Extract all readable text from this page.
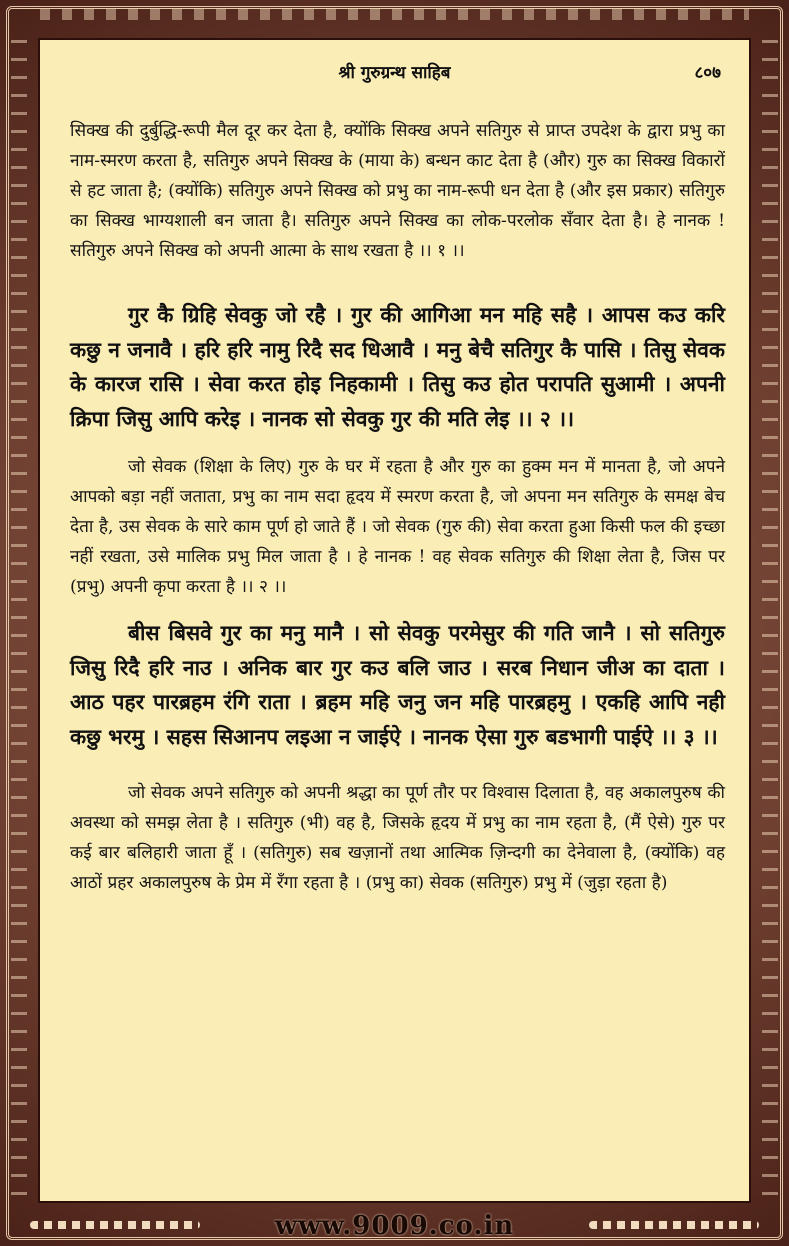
श्री गुरुग्रन्थ साहिब	८०७

सिक्ख की दुर्बुद्धि-रूपी मैल दूर कर देता है, क्योंकि सिक्ख अपने सतिगुरु से प्राप्त उपदेश के द्वारा प्रभु का नाम-स्मरण करता है, सतिगुरु अपने सिक्ख के (माया के) बन्धन काट देता है (और) गुरु का सिक्ख विकारों से हट जाता है; (क्योंकि) सतिगुरु अपने सिक्ख को प्रभु का नाम-रूपी धन देता है (और इस प्रकार) सतिगुरु का सिक्ख भाग्यशाली बन जाता है। सतिगुरु अपने सिक्ख का लोक-परलोक सँवार देता है। हे नानक ! सतिगुरु अपने सिक्ख को अपनी आत्मा के साथ रखता है ।। १ ।।

गुर कै ग्रिहि सेवकु जो रहै । गुर की आगिआ मन महि सहै । आपस कउ करि कछु न जनावै । हरि हरि नामु रिदै सद धिआवै । मनु बेचै सतिगुर कै पासि । तिसु सेवक के कारज रासि । सेवा करत होइ निहकामी । तिसु कउ होत परापति सुआमी । अपनी क्रिपा जिसु आपि करेइ । नानक सो सेवकु गुर की मति लेइ ।। २ ।।

जो सेवक (शिक्षा के लिए) गुरु के घर में रहता है और गुरु का हुक्म मन में मानता है, जो अपने आपको बड़ा नहीं जताता, प्रभु का नाम सदा हृदय में स्मरण करता है, जो अपना मन सतिगुरु के समक्ष बेच देता है, उस सेवक के सारे काम पूर्ण हो जाते हैं । जो सेवक (गुरु की) सेवा करता हुआ किसी फल की इच्छा नहीं रखता, उसे मालिक प्रभु मिल जाता है । हे नानक ! वह सेवक सतिगुरु की शिक्षा लेता है, जिस पर (प्रभु) अपनी कृपा करता है ।। २ ।।

बीस बिसवे गुर का मनु मानै । सो सेवकु परमेसुर की गति जानै । सो सतिगुरु जिसु रिदै हरि नाउ । अनिक बार गुर कउ बलि जाउ । सरब निधान जीअ का दाता । आठ पहर पारब्रहम रंगि राता । ब्रहम महि जनु जन महि पारब्रहमु । एकहि आपि नही कछु भरमु । सहस सिआनप लइआ न जाईऐ । नानक ऐसा गुरु बडभागी पाईऐ ।। ३ ।।

जो सेवक अपने सतिगुरु को अपनी श्रद्धा का पूर्ण तौर पर विश्वास दिलाता है, वह अकालपुरुष की अवस्था को समझ लेता है । सतिगुरु (भी) वह है, जिसके हृदय में प्रभु का नाम रहता है, (मैं ऐसे) गुरु पर कई बार बलिहारी जाता हूँ । (सतिगुरु) सब खज़ानों तथा आत्मिक ज़िन्दगी का देनेवाला है, (क्योंकि) वह आठों प्रहर अकालपुरुष के प्रेम में रँगा रहता है । (प्रभु का) सेवक (सतिगुरु) प्रभु में (जुड़ा रहता है)

www.9009.co.in
